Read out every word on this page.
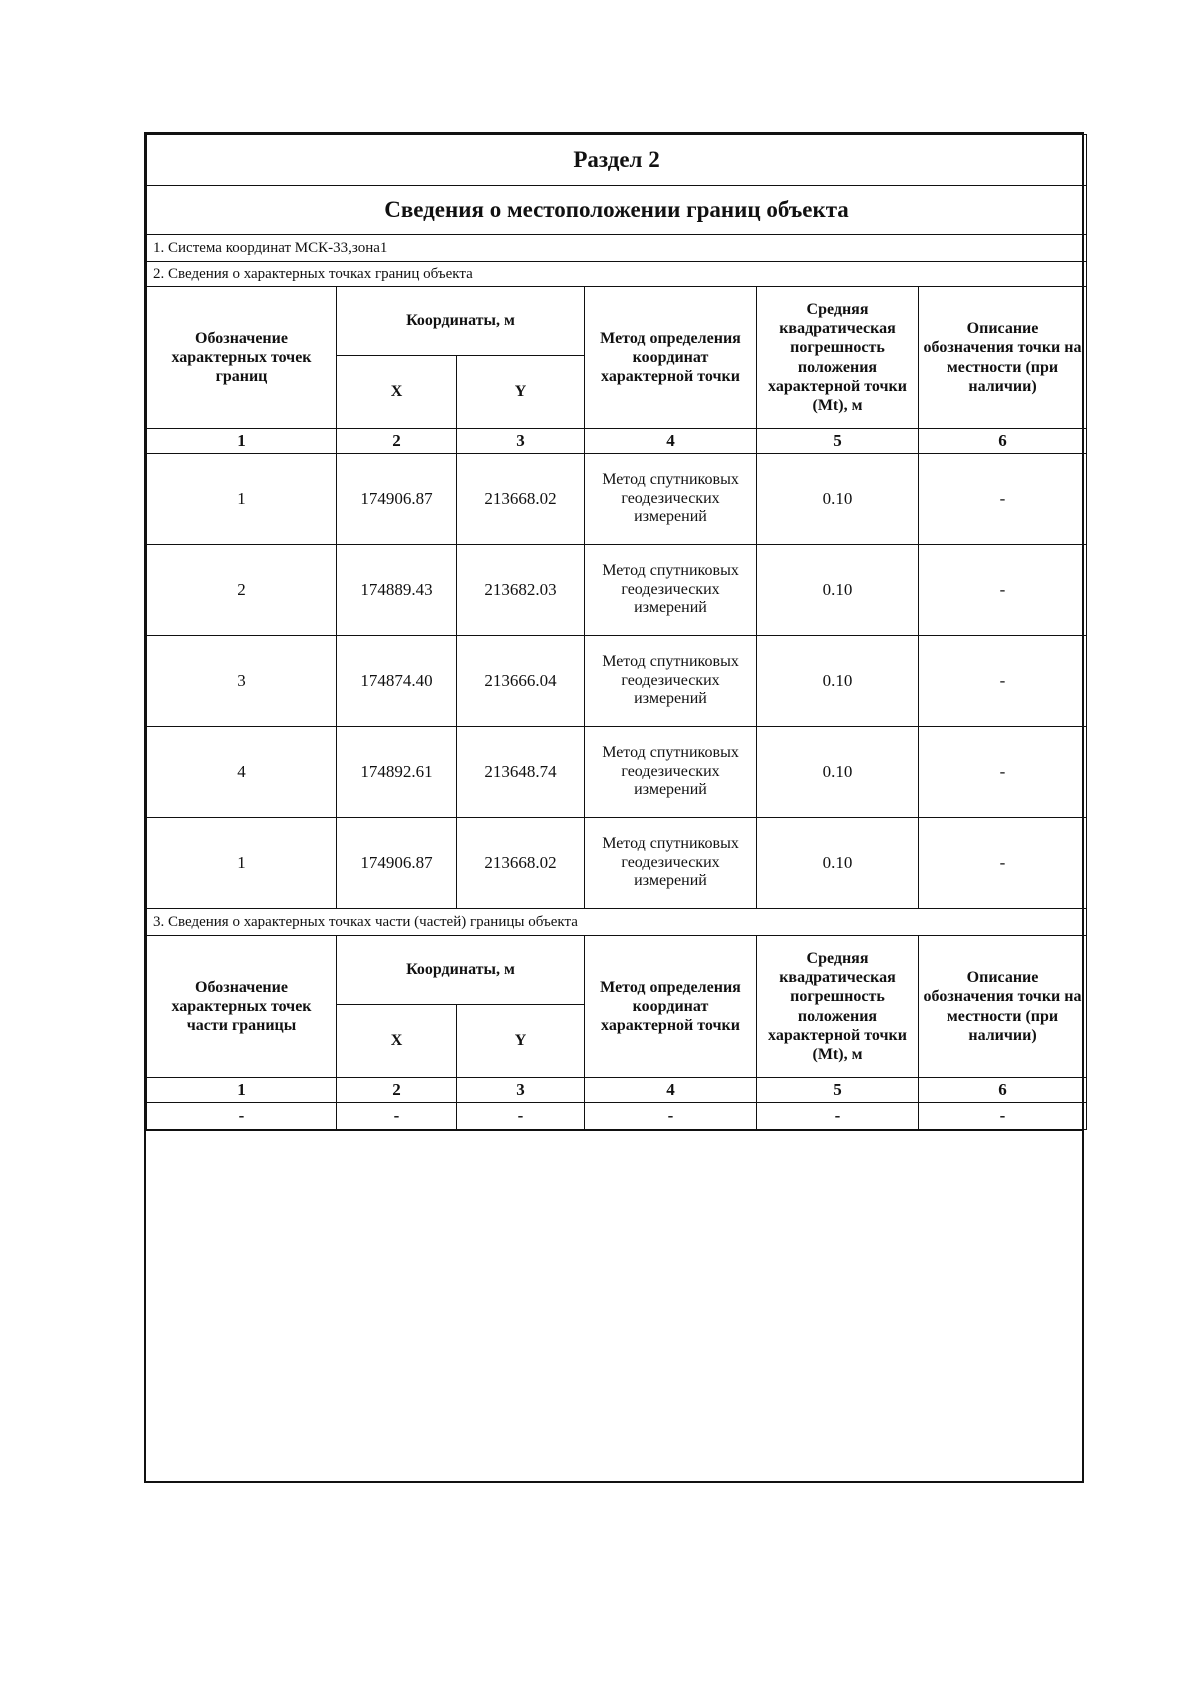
Раздел 2					
Сведения о местоположении границ объекта					
1. Система координат МСК-33,зона1					
2. Сведения о характерных точках границ объекта					
Обозначение характерных точек границ	Координаты, м		Метод определения координат характерной точки	Средняя квадратическая погрешность положения характерной точки (Mt), м	Описание обозначения точки на местности (при наличии)
	X	Y			
1	2	3	4	5	6
1	174906.87	213668.02	Метод спутниковых геодезических измерений	0.10	-
2	174889.43	213682.03	Метод спутниковых геодезических измерений	0.10	-
3	174874.40	213666.04	Метод спутниковых геодезических измерений	0.10	-
4	174892.61	213648.74	Метод спутниковых геодезических измерений	0.10	-
1	174906.87	213668.02	Метод спутниковых геодезических измерений	0.10	-
3. Сведения о характерных точках части (частей) границы объекта					
Обозначение характерных точек части границы	Координаты, м		Метод определения координат характерной точки	Средняя квадратическая погрешность положения характерной точки (Mt), м	Описание обозначения точки на местности (при наличии)
	X	Y			
1	2	3	4	5	6
-	-	-	-	-	-
